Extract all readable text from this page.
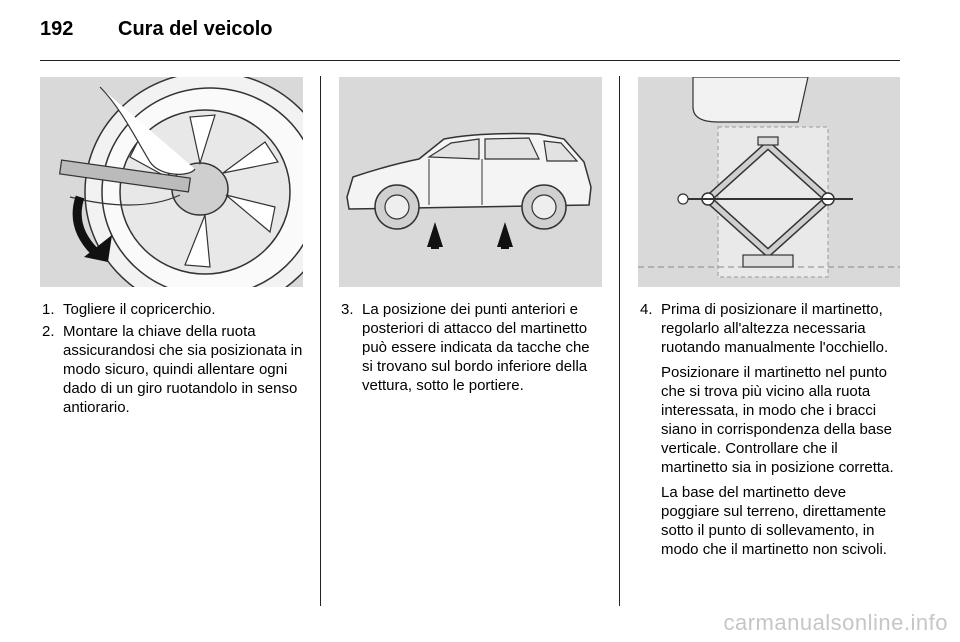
192 Cura del veicolo
1. Togliere il copricerchio.
2. Montare la chiave della ruota assicurandosi che sia posizionata in modo sicuro, quindi allentare ogni dado di un giro ruotandolo in senso antiorario.
3. La posizione dei punti anteriori e posteriori di attacco del martinetto può essere indicata da tacche che si trovano sul bordo inferiore della vettura, sotto le portiere.
4. Prima di posizionare il martinetto, regolarlo all'altezza necessaria ruotando manualmente l'occhiello.

Posizionare il martinetto nel punto che si trova più vicino alla ruota interessata, in modo che i bracci siano in corrispondenza della base verticale. Controllare che il martinetto sia in posizione corretta.

La base del martinetto deve poggiare sul terreno, direttamente sotto il punto di sollevamento, in modo che il martinetto non scivoli.

carmanualsonline.info
